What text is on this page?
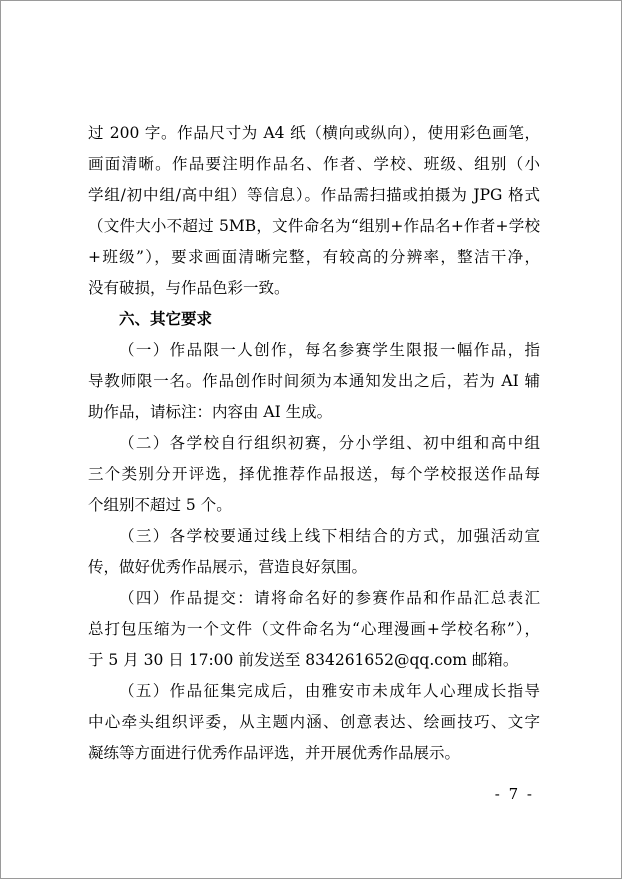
过 200 字。作品尺寸为 A4 纸（横向或纵向），使用彩色画笔，
画面清晰。作品要注明作品名、作者、学校、班级、组别（小
学组/初中组/高中组）等信息）。作品需扫描或拍摄为 JPG 格式
（文件大小不超过 5MB，文件命名为“组别+作品名+作者+学校
+班级”），要求画面清晰完整，有较高的分辨率，整洁干净，
没有破损，与作品色彩一致。
六、其它要求
（一）作品限一人创作，每名参赛学生限报一幅作品，指
导教师限一名。作品创作时间须为本通知发出之后，若为 AI 辅
助作品，请标注：内容由 AI 生成。
（二）各学校自行组织初赛，分小学组、初中组和高中组
三个类别分开评选，择优推荐作品报送，每个学校报送作品每
个组别不超过 5 个。
（三）各学校要通过线上线下相结合的方式，加强活动宣
传，做好优秀作品展示，营造良好氛围。
（四）作品提交：请将命名好的参赛作品和作品汇总表汇
总打包压缩为一个文件（文件命名为“心理漫画+学校名称”），
于 5 月 30 日 17:00 前发送至 834261652@qq.com 邮箱。
（五）作品征集完成后，由雅安市未成年人心理成长指导
中心牵头组织评委，从主题内涵、创意表达、绘画技巧、文字
凝练等方面进行优秀作品评选，并开展优秀作品展示。
- 7 -
